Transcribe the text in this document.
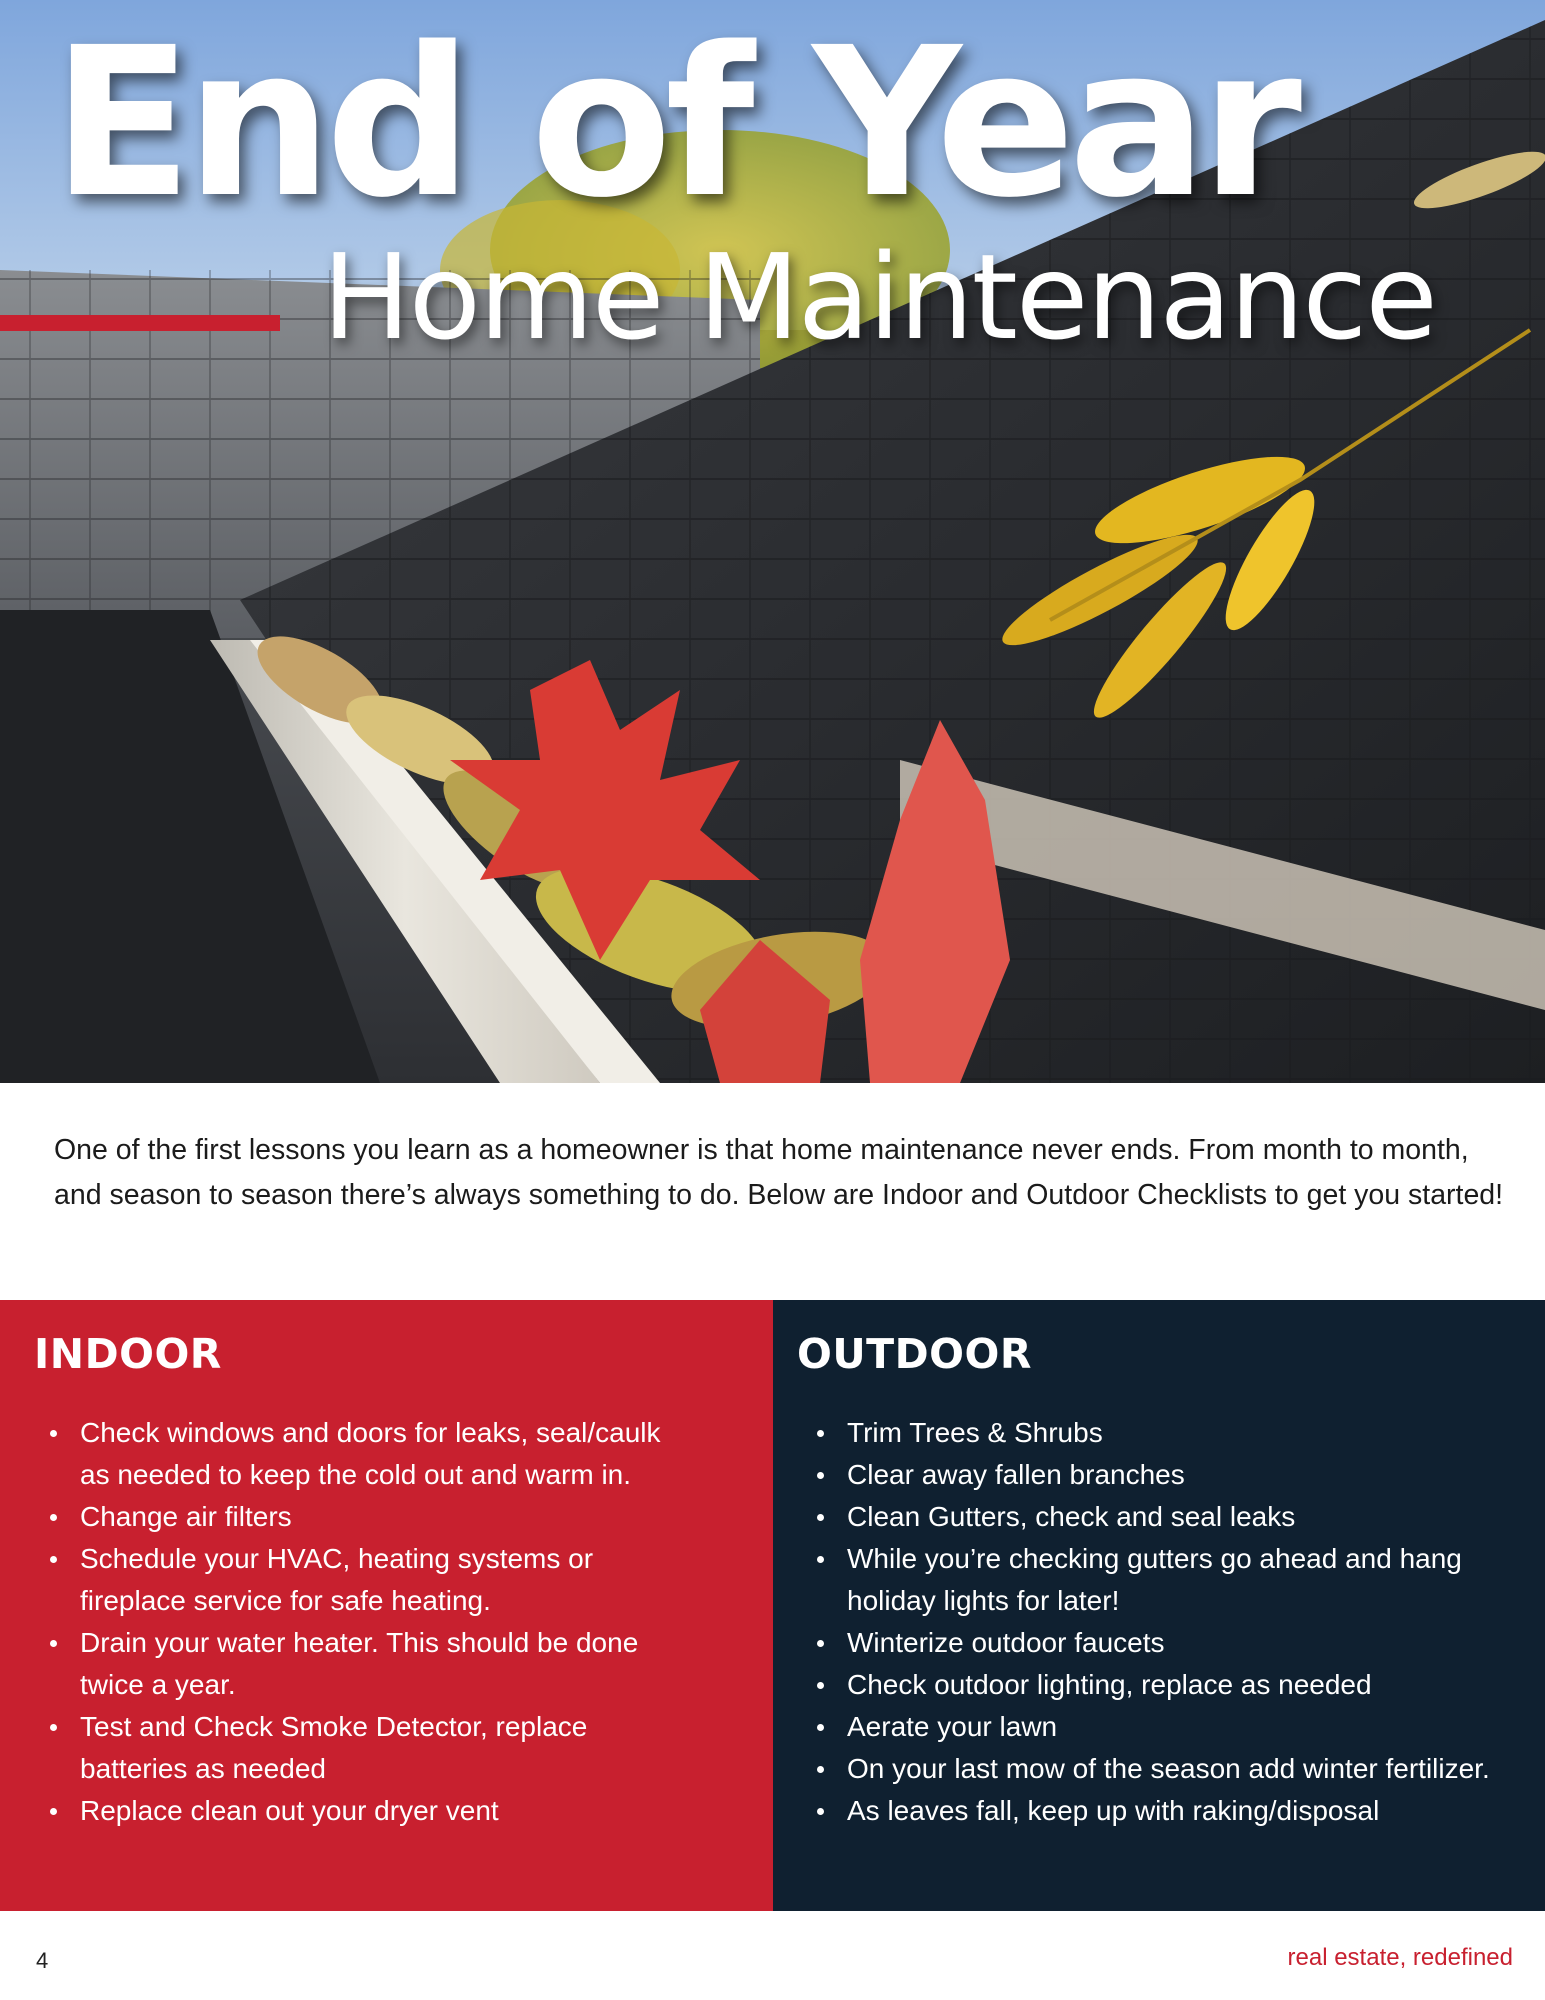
End of Year
Home Maintenance

One of the first lessons you learn as a homeowner is that home maintenance never ends. From month to month, and season to season there’s always something to do. Below are Indoor and Outdoor Checklists to get you started!

INDOOR
Check windows and doors for leaks, seal/caulk as needed to keep the cold out and warm in.
Change air filters
Schedule your HVAC, heating systems or fireplace service for safe heating.
Drain your water heater. This should be done twice a year.
Test and Check Smoke Detector, replace batteries as needed
Replace clean out your dryer vent
OUTDOOR
Trim Trees & Shrubs
Clear away fallen branches
Clean Gutters, check and seal leaks
While you’re checking gutters go ahead and hang holiday lights for later!
Winterize outdoor faucets
Check outdoor lighting, replace as needed
Aerate your lawn
On your last mow of the season add winter fertilizer.
As leaves fall, keep up with raking/disposal
4	real estate, redefined
